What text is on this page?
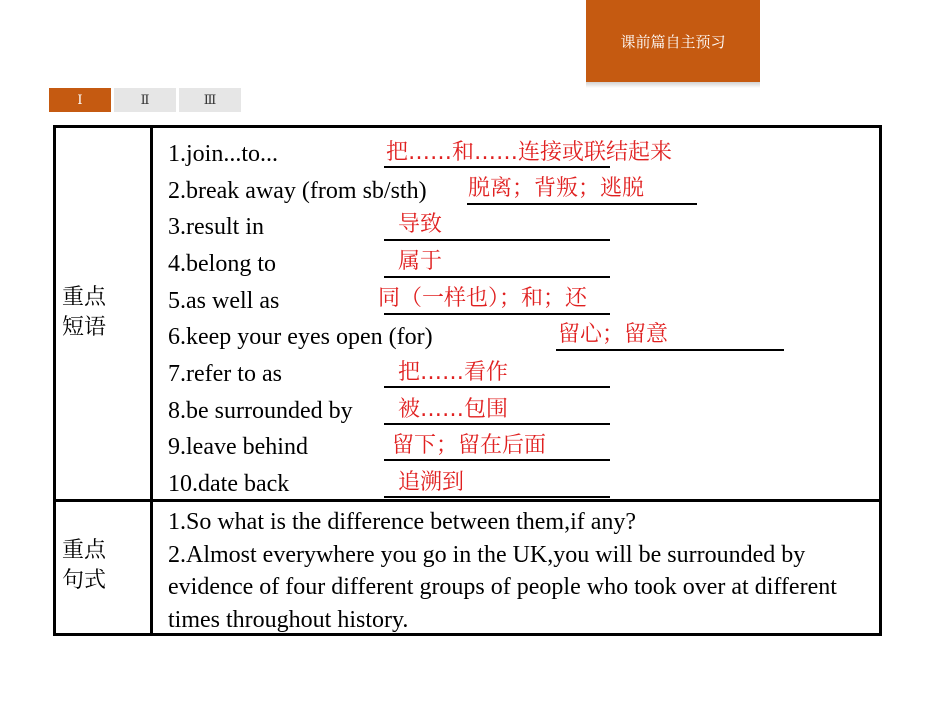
课前篇自主预习
Ⅰ	Ⅱ	Ⅲ
重点
短语
重点
句式
1.join...to...
2.break away (from sb/sth)
3.result in
4.belong to
5.as well as
6.keep your eyes open (for)
7.refer to as
8.be surrounded by
9.leave behind
10.date back
把……和……连接或联结起来
脱离；背叛；逃脱
导致
属于
同（一样也）；和；还
留心；留意
把……看作
被……包围
留下；留在后面
追溯到

1.So what is the difference between them,if any?

2.Almost everywhere you go in the UK,you will be surrounded by evidence of four different groups of people who took over at different times throughout history.
